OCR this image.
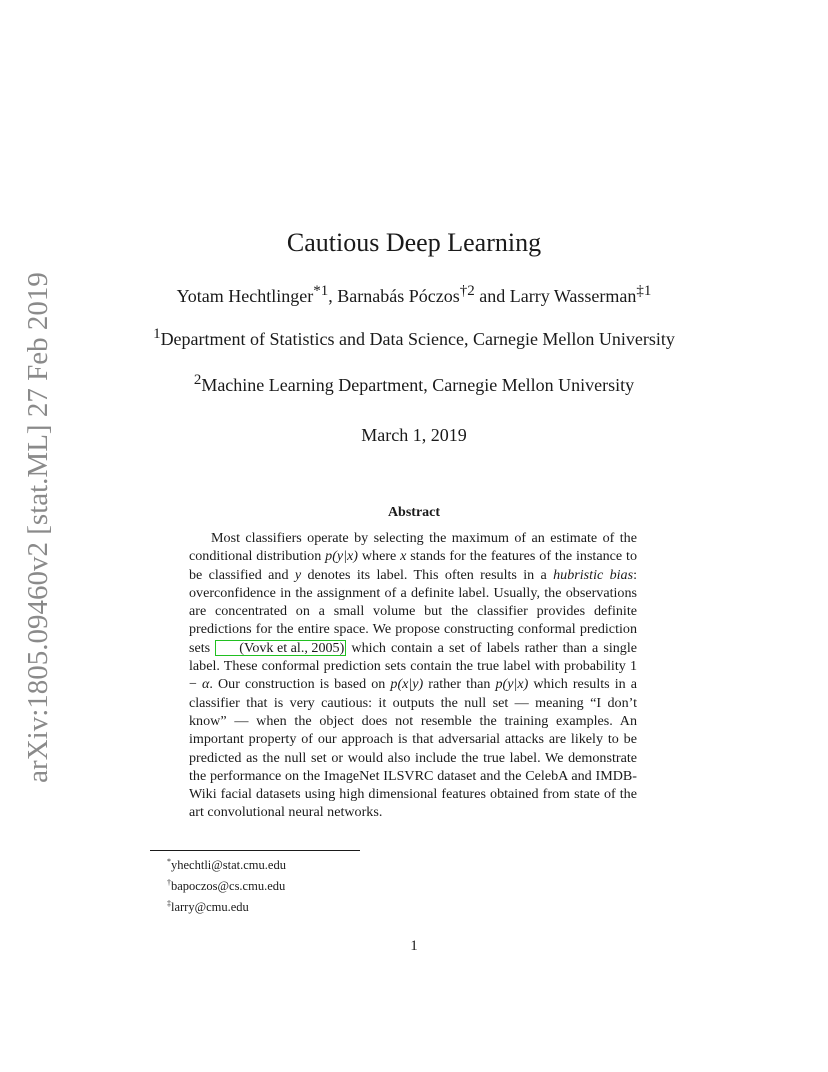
arXiv:1805.09460v2 [stat.ML] 27 Feb 2019
Cautious Deep Learning
Yotam Hechtlinger$^{*1}$, Barnabás Póczos$^{\dagger 2}$ and Larry Wasserman$^{\ddagger 1}$
$^1$Department of Statistics and Data Science, Carnegie Mellon University
$^2$Machine Learning Department, Carnegie Mellon University
March 1, 2019
Abstract
Most classifiers operate by selecting the maximum of an estimate of the conditional distribution p(y|x) where x stands for the features of the instance to be classified and y denotes its label. This often results in a hubristic bias: overconfidence in the assignment of a definite label. Usually, the observations are concentrated on a small volume but the classifier provides definite predictions for the entire space. We propose constructing conformal prediction sets (Vovk et al., 2005) which contain a set of labels rather than a single label. These conformal prediction sets contain the true label with probability 1 − α. Our construction is based on p(x|y) rather than p(y|x) which results in a classifier that is very cautious: it outputs the null set — meaning “I don’t know” — when the object does not resemble the training examples. An important property of our approach is that adversarial attacks are likely to be predicted as the null set or would also include the true label. We demonstrate the performance on the ImageNet ILSVRC dataset and the CelebA and IMDB-Wiki facial datasets using high dimensional features obtained from state of the art convolutional neural networks.
*yhechtli@stat.cmu.edu
†bapoczos@cs.cmu.edu
‡larry@cmu.edu
1
